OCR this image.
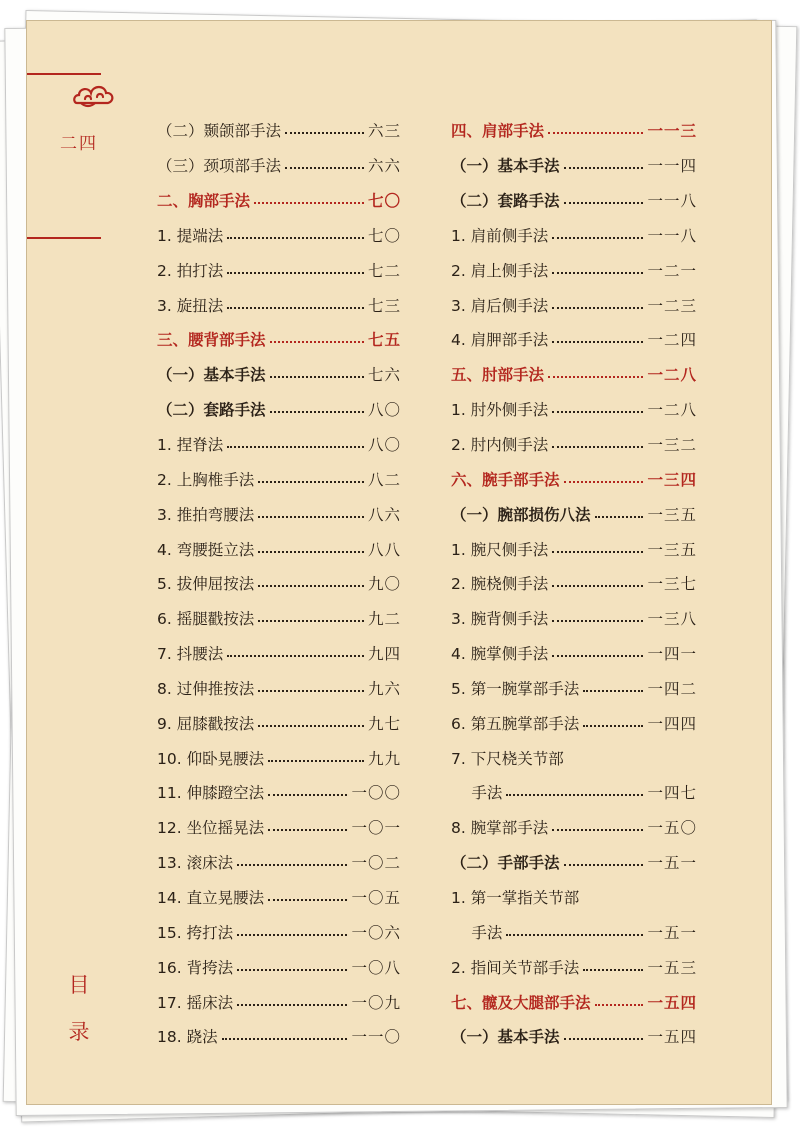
二四
（二）颞颌部手法	六三
（三）颈项部手法	六六
二、胸部手法	七〇
1. 提端法	七〇
2. 拍打法	七二
3. 旋扭法	七三
三、腰背部手法	七五
（一）基本手法	七六
（二）套路手法	八〇
1. 捏脊法	八〇
2. 上胸椎手法	八二
3. 推拍弯腰法	八六
4. 弯腰挺立法	八八
5. 拔伸屈按法	九〇
6. 摇腿戳按法	九二
7. 抖腰法	九四
8. 过伸推按法	九六
9. 屈膝戳按法	九七
10. 仰卧晃腰法	九九
11. 伸膝蹬空法	一〇〇
12. 坐位摇晃法	一〇一
13. 滚床法	一〇二
14. 直立晃腰法	一〇五
15. 挎打法	一〇六
16. 背挎法	一〇八
17. 摇床法	一〇九
18. 跷法	一一〇
四、肩部手法	一一三
（一）基本手法	一一四
（二）套路手法	一一八
1. 肩前侧手法	一一八
2. 肩上侧手法	一二一
3. 肩后侧手法	一二三
4. 肩胛部手法	一二四
五、肘部手法	一二八
1. 肘外侧手法	一二八
2. 肘内侧手法	一三二
六、腕手部手法	一三四
（一）腕部损伤八法	一三五
1. 腕尺侧手法	一三五
2. 腕桡侧手法	一三七
3. 腕背侧手法	一三八
4. 腕掌侧手法	一四一
5. 第一腕掌部手法	一四二
6. 第五腕掌部手法	一四四
7. 下尺桡关节部
　 手法	一四七
8. 腕掌部手法	一五〇
（二）手部手法	一五一
1. 第一掌指关节部
　 手法	一五一
2. 指间关节部手法	一五三
七、髋及大腿部手法	一五四
（一）基本手法	一五四
目
录
